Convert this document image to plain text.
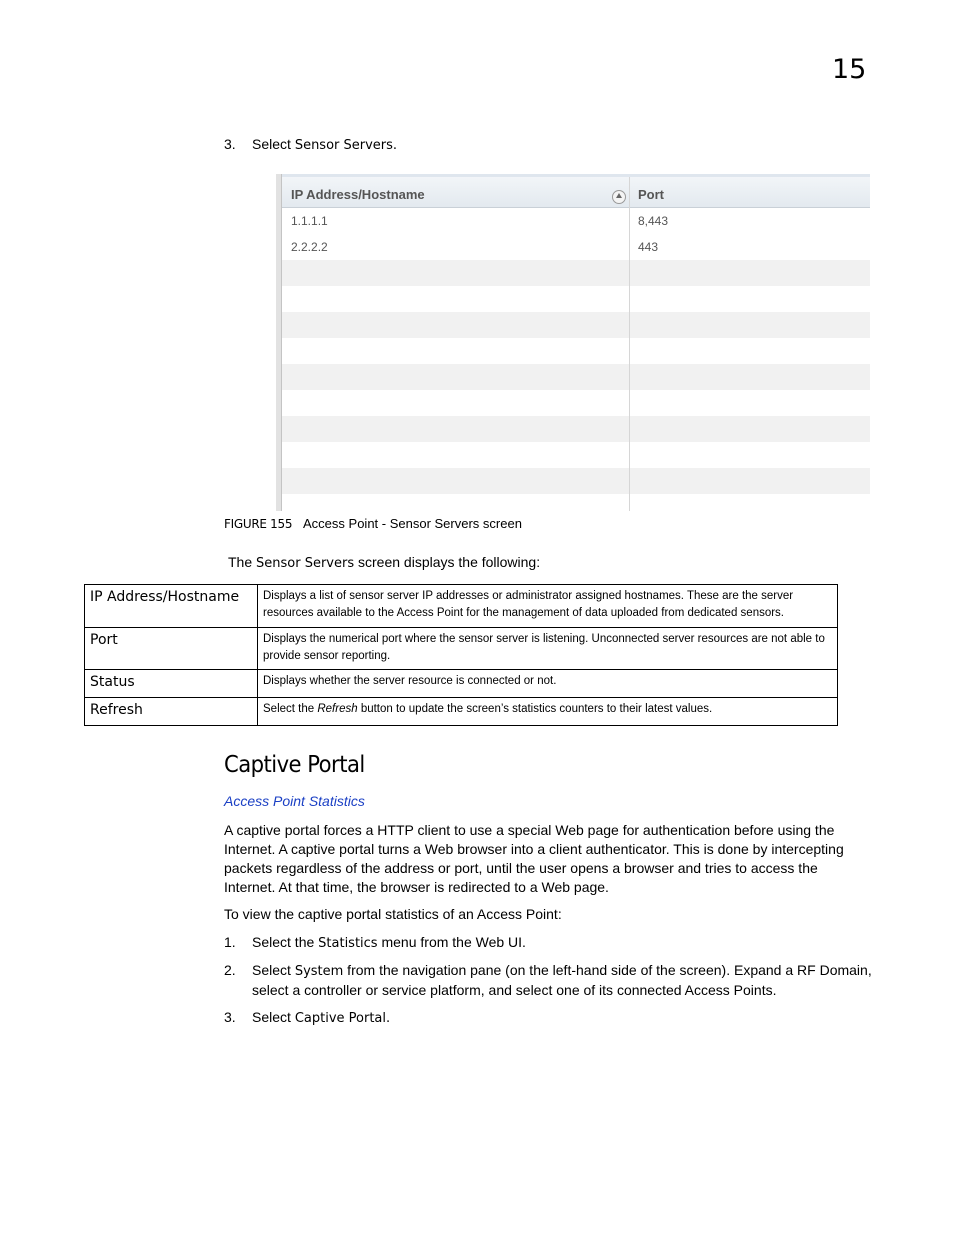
15
3. Select Sensor Servers.
IP Address/Hostname	Port
1.1.1.1	8,443
2.2.2.2	443
FIGURE 155 Access Point - Sensor Servers screen
The Sensor Servers screen displays the following:
IP Address/Hostname	Displays a list of sensor server IP addresses or administrator assigned hostnames. These are the server resources available to the Access Point for the management of data uploaded from dedicated sensors.
Port	Displays the numerical port where the sensor server is listening. Unconnected server resources are not able to provide sensor reporting.
Status	Displays whether the server resource is connected or not.
Refresh	Select the Refresh button to update the screen’s statistics counters to their latest values.
Captive Portal
Access Point Statistics
A captive portal forces a HTTP client to use a special Web page for authentication before using the Internet. A captive portal turns a Web browser into a client authenticator. This is done by intercepting packets regardless of the address or port, until the user opens a browser and tries to access the Internet. At that time, the browser is redirected to a Web page.
To view the captive portal statistics of an Access Point:
1. Select the Statistics menu from the Web UI.
2. Select System from the navigation pane (on the left-hand side of the screen). Expand a RF Domain, select a controller or service platform, and select one of its connected Access Points.
3. Select Captive Portal.
